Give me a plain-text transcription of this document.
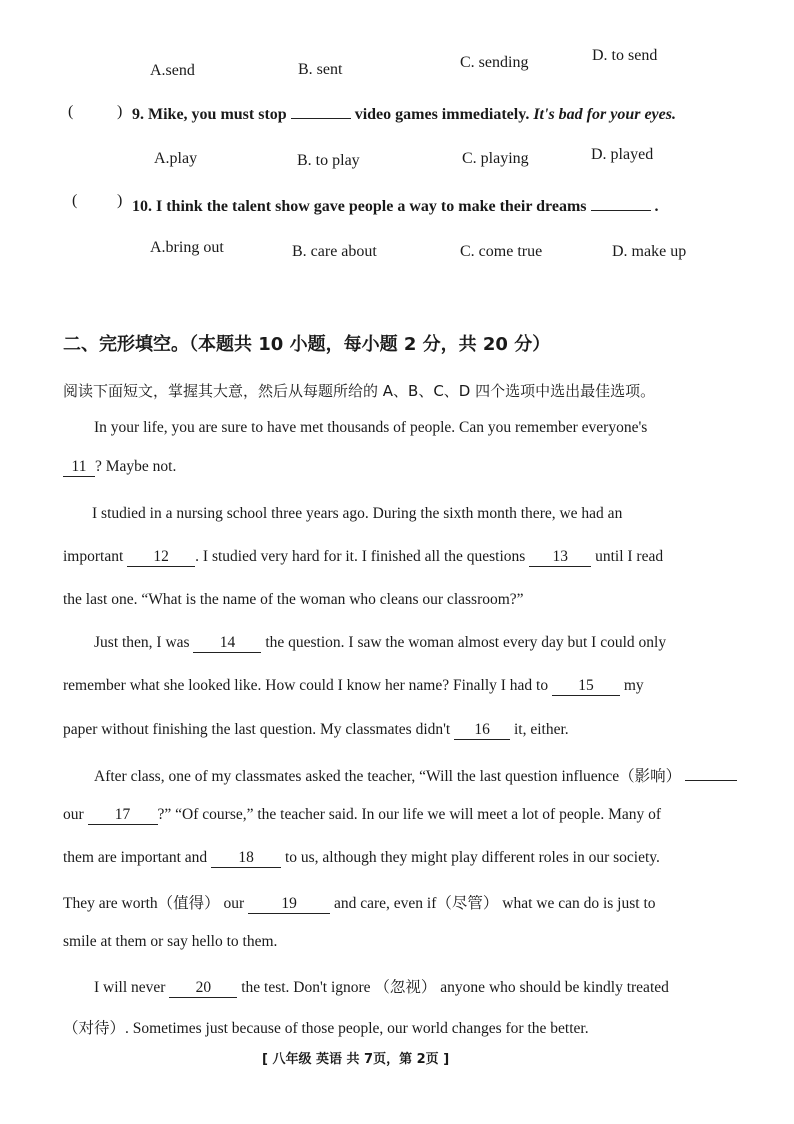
A.send	B. sent	C. sending	D. to send
(	) 9. Mike, you must stop	video games immediately. It's bad for your eyes.
A.play	B. to play	C. playing	D. played
( ) 10. I think the talent show gave people a way to make their dreams	.
A.bring out	B. care about	C. come true	D. make up
二、完形填空。（本题共 10 小题，每小题 2 分，共 20 分）
阅读下面短文，掌握其大意，然后从每题所给的 A、B、C、D 四个选项中选出最佳选项。
In your life, you are sure to have met thousands of people. Can you remember everyone's
11 ? Maybe not.
I studied in a nursing school three years ago. During the sixth month there, we had an
important 12 . I studied very hard for it. I finished all the questions 13 until I read
the last one. “What is the name of the woman who cleans our classroom?”
Just then, I was 14 the question. I saw the woman almost every day but I could only
remember what she looked like. How could I know her name? Finally I had to 15 my
paper without finishing the last question. My classmates didn't 16 it, either.
After class, one of my classmates asked the teacher, “Will the last question influence（影响）
our 17 ?” “Of course,” the teacher said. In our life we will meet a lot of people. Many of
them are important and 18 to us, although they might play different roles in our society.
They are worth（值得） our 19 and care, even if（尽管） what we can do is just to
smile at them or say hello to them.
I will never 20 the test. Don't ignore （忽视） anyone who should be kindly treated
（对待）. Sometimes just because of those people, our world changes for the better.
[ 八年级 英语 共 7页，第 2页 ]
